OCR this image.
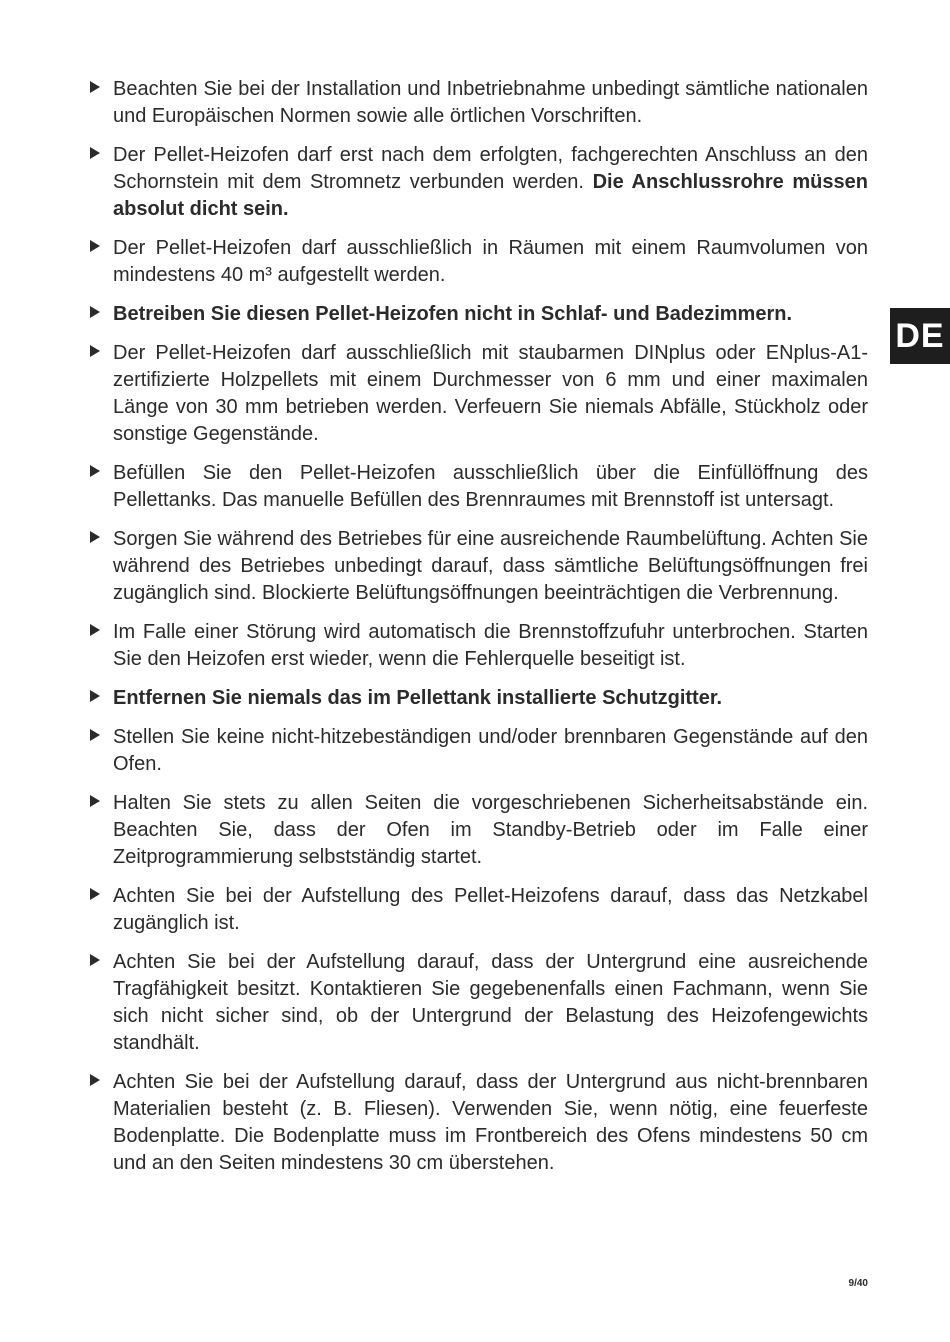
Beachten Sie bei der Installation und Inbetriebnahme unbedingt sämtliche nationalen und Europäischen Normen sowie alle örtlichen Vorschriften.
Der Pellet-Heizofen darf erst nach dem erfolgten, fachgerechten Anschluss an den Schornstein mit dem Stromnetz verbunden werden. Die Anschlussrohre müssen absolut dicht sein.
Der Pellet-Heizofen darf ausschließlich in Räumen mit einem Raumvolumen von mindestens 40 m³ aufgestellt werden.
Betreiben Sie diesen Pellet-Heizofen nicht in Schlaf- und Badezimmern.
Der Pellet-Heizofen darf ausschließlich mit staubarmen DINplus oder ENplus-A1-zertifizierte Holzpellets mit einem Durchmesser von 6 mm und einer maximalen Länge von 30 mm betrieben werden. Verfeuern Sie niemals Abfälle, Stückholz oder sonstige Gegenstände.
Befüllen Sie den Pellet-Heizofen ausschließlich über die Einfüllöffnung des Pellettanks. Das manuelle Befüllen des Brennraumes mit Brennstoff ist untersagt.
Sorgen Sie während des Betriebes für eine ausreichende Raumbelüftung. Achten Sie während des Betriebes unbedingt darauf, dass sämtliche Belüftungsöffnungen frei zugänglich sind. Blockierte Belüftungsöffnungen beeinträchtigen die Verbrennung.
Im Falle einer Störung wird automatisch die Brennstoffzufuhr unterbrochen. Starten Sie den Heizofen erst wieder, wenn die Fehlerquelle beseitigt ist.
Entfernen Sie niemals das im Pellettank installierte Schutzgitter.
Stellen Sie keine nicht-hitzebeständigen und/oder brennbaren Gegenstände auf den Ofen.
Halten Sie stets zu allen Seiten die vorgeschriebenen Sicherheitsabstände ein. Beachten Sie, dass der Ofen im Standby-Betrieb oder im Falle einer Zeitprogrammierung selbstständig startet.
Achten Sie bei der Aufstellung des Pellet-Heizofens darauf, dass das Netzkabel zugänglich ist.
Achten Sie bei der Aufstellung darauf, dass der Untergrund eine ausreichende Tragfähigkeit besitzt. Kontaktieren Sie gegebenenfalls einen Fachmann, wenn Sie sich nicht sicher sind, ob der Untergrund der Belastung des Heizofengewichts standhält.
Achten Sie bei der Aufstellung darauf, dass der Untergrund aus nicht-brennbaren Materialien besteht (z. B. Fliesen). Verwenden Sie, wenn nötig, eine feuerfeste Bodenplatte. Die Bodenplatte muss im Frontbereich des Ofens mindestens 50 cm und an den Seiten mindestens 30 cm überstehen.
DE
9/40
